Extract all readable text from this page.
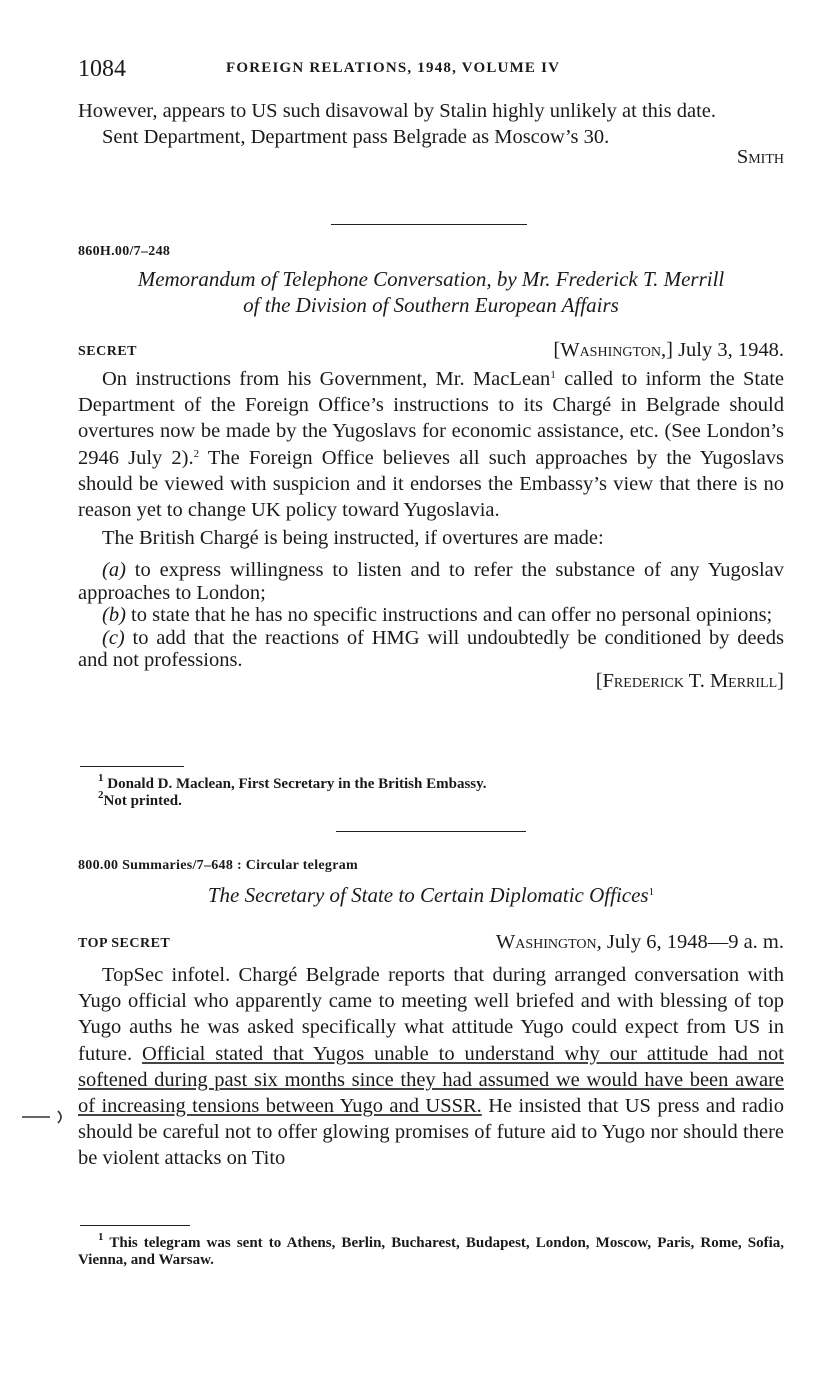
1084	FOREIGN RELATIONS, 1948, VOLUME IV

However, appears to US such disavowal by Stalin highly unlikely at this date.

Sent Department, Department pass Belgrade as Moscow’s 30.

Smith

860H.00/7–248
Memorandum of Telephone Conversation, by Mr. Frederick T. Merrill
of the Division of Southern European Affairs
SECRET	[Washington,] July 3, 1948.

On instructions from his Government, Mr. MacLean$^1$ called to inform the State Department of the Foreign Office’s instructions to its Chargé in Belgrade should overtures now be made by the Yugoslavs for economic assistance, etc. (See London’s 2946 July 2).$^2$ The Foreign Office believes all such approaches by the Yugoslavs should be viewed with suspicion and it endorses the Embassy’s view that there is no reason yet to change UK policy toward Yugoslavia.

The British Chargé is being instructed, if overtures are made:

(a) to express willingness to listen and to refer the substance of any Yugoslav approaches to London;

(b) to state that he has no specific instructions and can offer no personal opinions;

(c) to add that the reactions of HMG will undoubtedly be conditioned by deeds and not professions.

[Frederick T. Merrill]

$^1$ Donald D. Maclean, First Secretary in the British Embassy.

$^2$Not printed.

800.00 Summaries/7–648 : Circular telegram
The Secretary of State to Certain Diplomatic Offices$^1$
TOP SECRET	Washington, July 6, 1948—9 a. m.

TopSec infotel. Chargé Belgrade reports that during arranged conversation with Yugo official who apparently came to meeting well briefed and with blessing of top Yugo auths he was asked specifically what attitude Yugo could expect from US in future. Official stated that Yugos unable to understand why our attitude had not softened during past six months since they had assumed we would have been aware of increasing tensions between Yugo and USSR. He insisted that US press and radio should be careful not to offer glowing promises of future aid to Yugo nor should there be violent attacks on Tito

$^1$ This telegram was sent to Athens, Berlin, Bucharest, Budapest, London, Moscow, Paris, Rome, Sofia, Vienna, and Warsaw.
